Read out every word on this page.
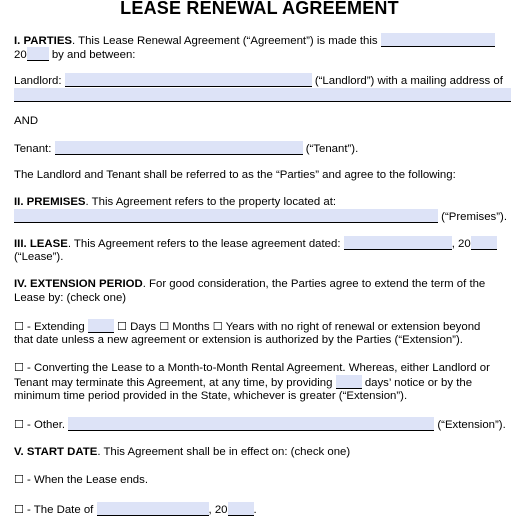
LEASE RENEWAL AGREEMENT
I. PARTIES. This Lease Renewal Agreement (“Agreement”) is made this
20 by and between:
Landlord:	(“Landlord”) with a mailing address of
AND
Tenant:	(“Tenant”).
The Landlord and Tenant shall be referred to as the “Parties” and agree to the following:
II. PREMISES. This Agreement refers to the property located at:
(“Premises”).
III. LEASE. This Agreement refers to the lease agreement dated:	, 20
(“Lease”).
IV. EXTENSION PERIOD. For good consideration, the Parties agree to extend the term of the
Lease by: (check one)
☐ - Extending	☐ Days ☐ Months ☐ Years with no right of renewal or extension beyond
that date unless a new agreement or extension is authorized by the Parties (“Extension”).
☐ - Converting the Lease to a Month-to-Month Rental Agreement. Whereas, either Landlord or
Tenant may terminate this Agreement, at any time, by providing	days’ notice or by the
minimum time period provided in the State, whichever is greater (“Extension”).
☐ - Other.	(“Extension”).
V. START DATE. This Agreement shall be in effect on: (check one)
☐ - When the Lease ends.
☐ - The Date of	, 20 .
